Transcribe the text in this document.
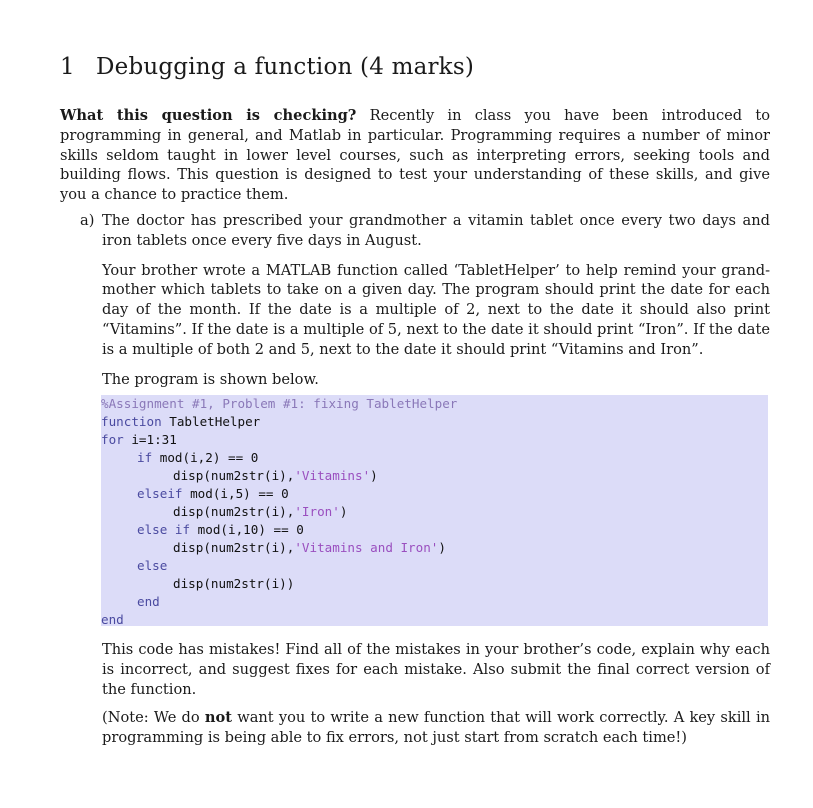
1 Debugging a function (4 marks)
What this question is checking? Recently in class you have been introduced to programming in general, and Matlab in particular. Programming requires a number of minor skills seldom taught in lower level courses, such as interpreting errors, seeking tools and building flows. This question is designed to test your understanding of these skills, and give you a chance to practice them.
a) The doctor has prescribed your grandmother a vitamin tablet once every two days and iron tablets once every five days in August.

Your brother wrote a MATLAB function called ‘TabletHelper’ to help remind your grandmother which tablets to take on a given day. The program should print the date for each day of the month. If the date is a multiple of 2, next to the date it should also print “Vitamins”. If the date is a multiple of 5, next to the date it should print “Iron”. If the date is a multiple of both 2 and 5, next to the date it should print “Vitamins and Iron”.

The program is shown below.

%Assignment #1, Problem #1: fixing TabletHelper
function TabletHelper
for i=1:31
if mod(i,2) == 0
disp(num2str(i),'Vitamins')
elseif mod(i,5) == 0
disp(num2str(i),'Iron')
else if mod(i,10) == 0
disp(num2str(i),'Vitamins and Iron')
else
disp(num2str(i))
end
end

This code has mistakes! Find all of the mistakes in your brother’s code, explain why each is incorrect, and suggest fixes for each mistake. Also submit the final correct version of the function.

(Note: We do not want you to write a new function that will work correctly. A key skill in programming is being able to fix errors, not just start from scratch each time!)
